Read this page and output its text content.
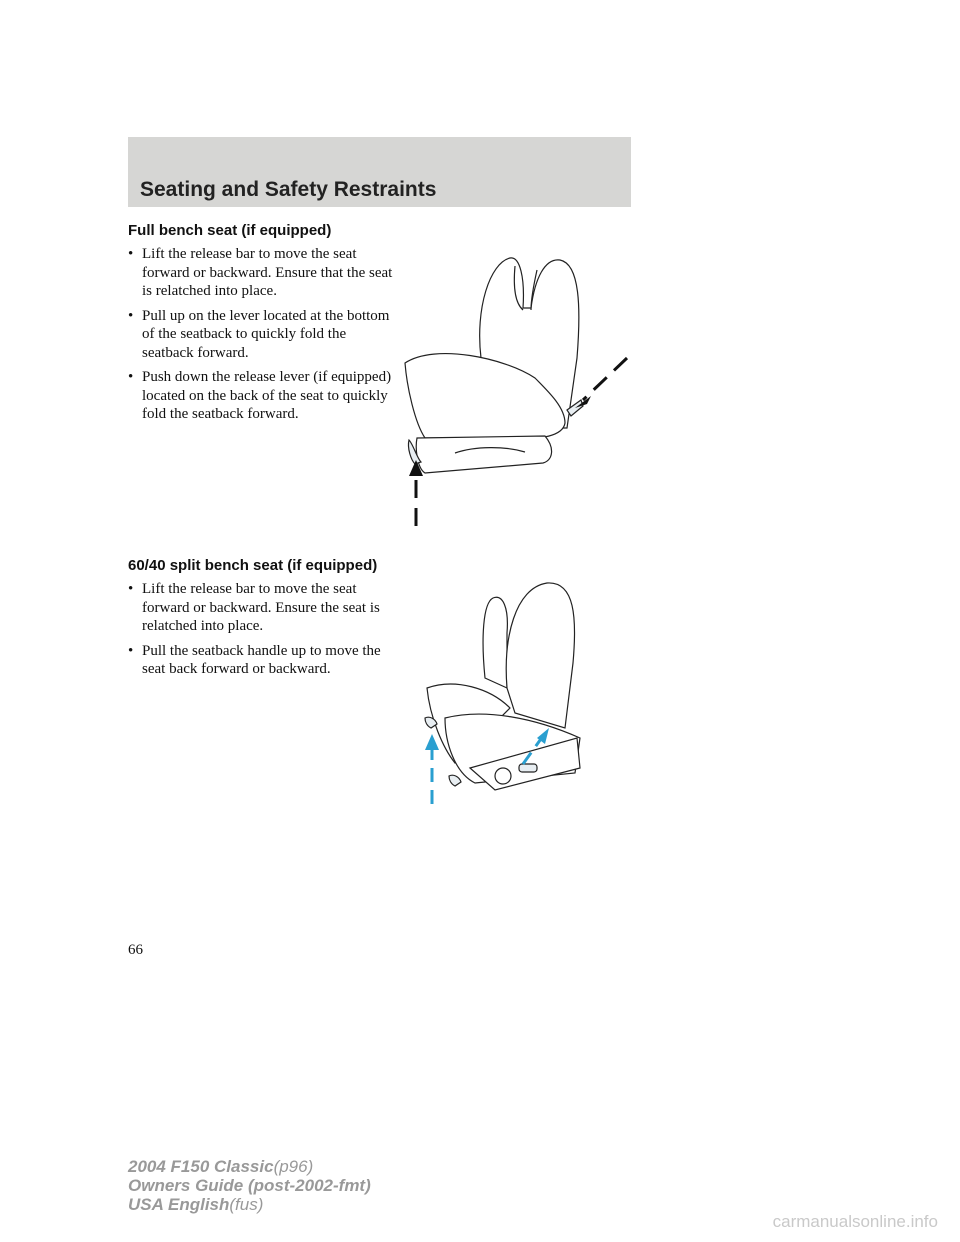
Seating and Safety Restraints
Full bench seat (if equipped)
• Lift the release bar to move the seat forward or backward. Ensure that the seat is relatched into place.
• Pull up on the lever located at the bottom of the seatback to quickly fold the seatback forward.
• Push down the release lever (if equipped) located on the back of the seat to quickly fold the seatback forward.
60/40 split bench seat (if equipped)
• Lift the release bar to move the seat forward or backward. Ensure the seat is relatched into place.
• Pull the seatback handle up to move the seat back forward or backward.
66
2004 F150 Classic(p96)
Owners Guide (post-2002-fmt)
USA English(fus)
carmanualsonline.info
